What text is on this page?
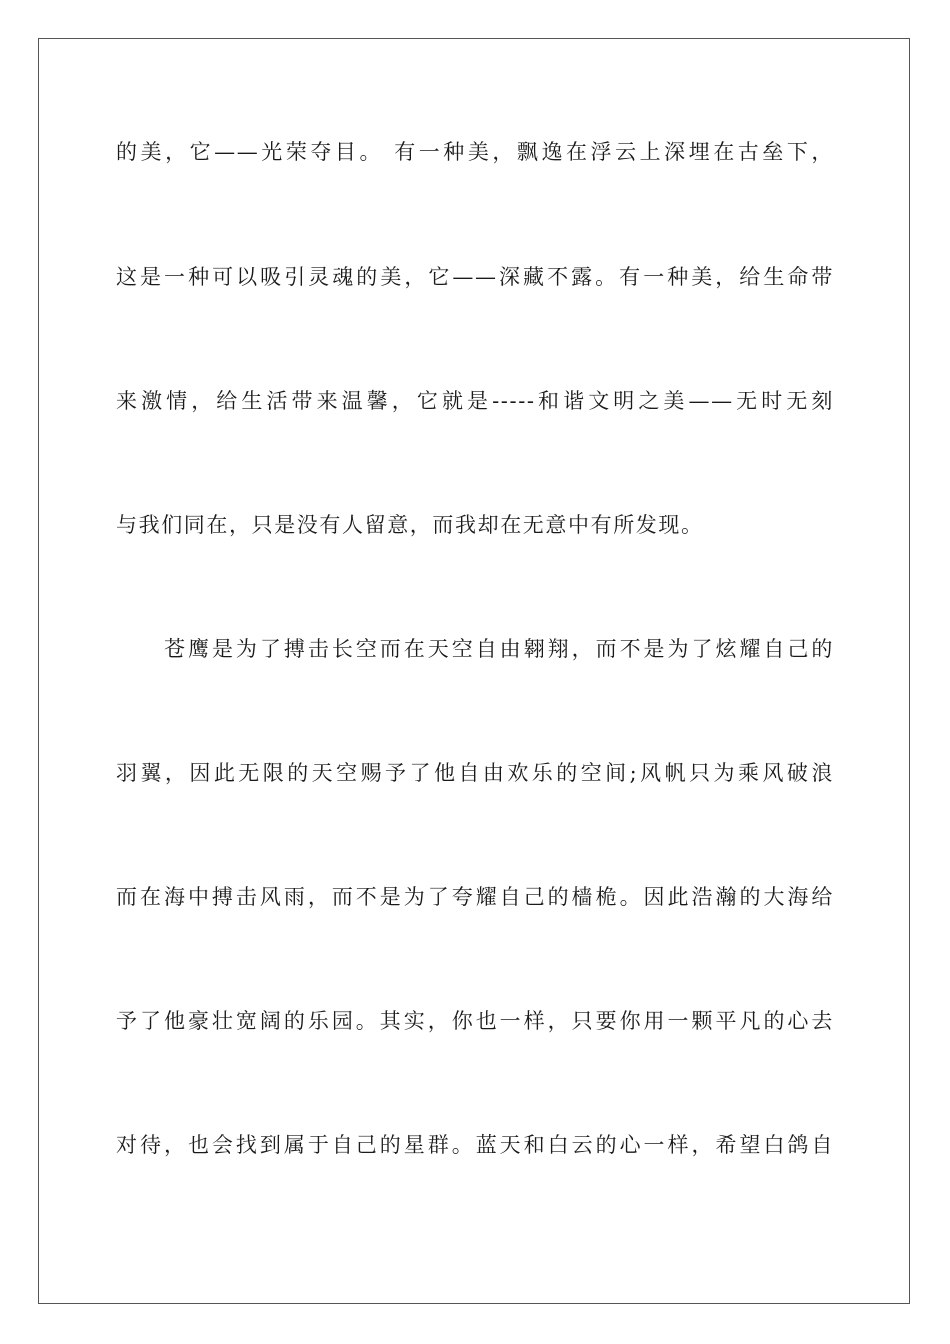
的美，它——光荣夺目。 有一种美，飘逸在浮云上深埋在古垒下，
这是一种可以吸引灵魂的美，它——深藏不露。有一种美，给生命带
来激情，给生活带来温馨，它就是-----和谐文明之美——无时无刻
与我们同在，只是没有人留意，而我却在无意中有所发现。
苍鹰是为了搏击长空而在天空自由翱翔，而不是为了炫耀自己的
羽翼，因此无限的天空赐予了他自由欢乐的空间;风帆只为乘风破浪
而在海中搏击风雨，而不是为了夸耀自己的樯桅。因此浩瀚的大海给
予了他豪壮宽阔的乐园。其实，你也一样，只要你用一颗平凡的心去
对待，也会找到属于自己的星群。蓝天和白云的心一样，希望白鸽自
